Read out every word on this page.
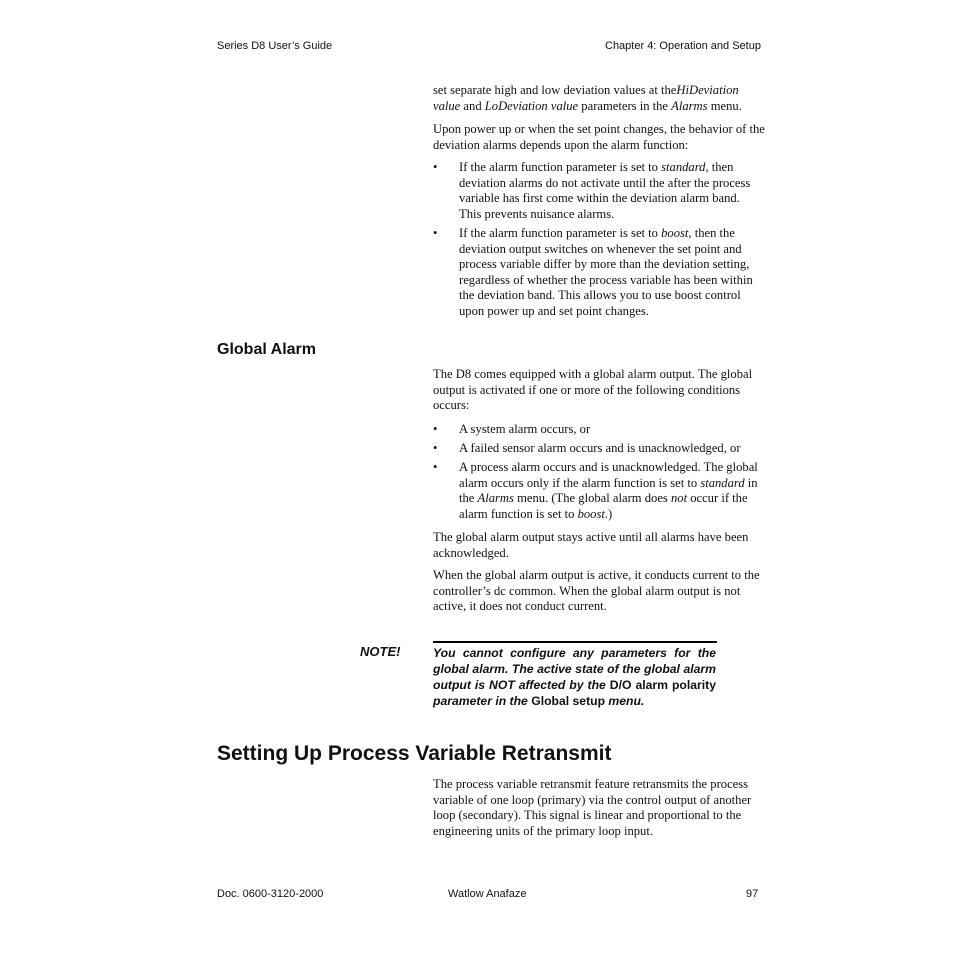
Series D8 User’s Guide	Chapter 4: Operation and Setup

set separate high and low deviation values at theHiDeviation value and LoDeviation value parameters in the Alarms menu.

Upon power up or when the set point changes, the behavior of the deviation alarms depends upon the alarm function:

• If the alarm function parameter is set to standard, then deviation alarms do not activate until the after the process variable has first come within the deviation alarm band. This prevents nuisance alarms.
• If the alarm function parameter is set to boost, then the deviation output switches on whenever the set point and process variable differ by more than the deviation setting, regardless of whether the process variable has been within the deviation band. This allows you to use boost control upon power up and set point changes.
Global Alarm

The D8 comes equipped with a global alarm output. The global output is activated if one or more of the following conditions occurs:

• A system alarm occurs, or
• A failed sensor alarm occurs and is unacknowledged, or
• A process alarm occurs and is unacknowledged. The global alarm occurs only if the alarm function is set to standard in the Alarms menu. (The global alarm does not occur if the alarm function is set to boost.)

The global alarm output stays active until all alarms have been acknowledged.

When the global alarm output is active, it conducts current to the controller’s dc common. When the global alarm output is not active, it does not conduct current.

NOTE!	You cannot configure any parameters for the global alarm. The active state of the global alarm output is NOT affected by the D/O alarm polarity parameter in the Global setup menu.
Setting Up Process Variable Retransmit

The process variable retransmit feature retransmits the process variable of one loop (primary) via the control output of another loop (secondary). This signal is linear and proportional to the engineering units of the primary loop input.

Doc. 0600-3120-2000	Watlow Anafaze	97
